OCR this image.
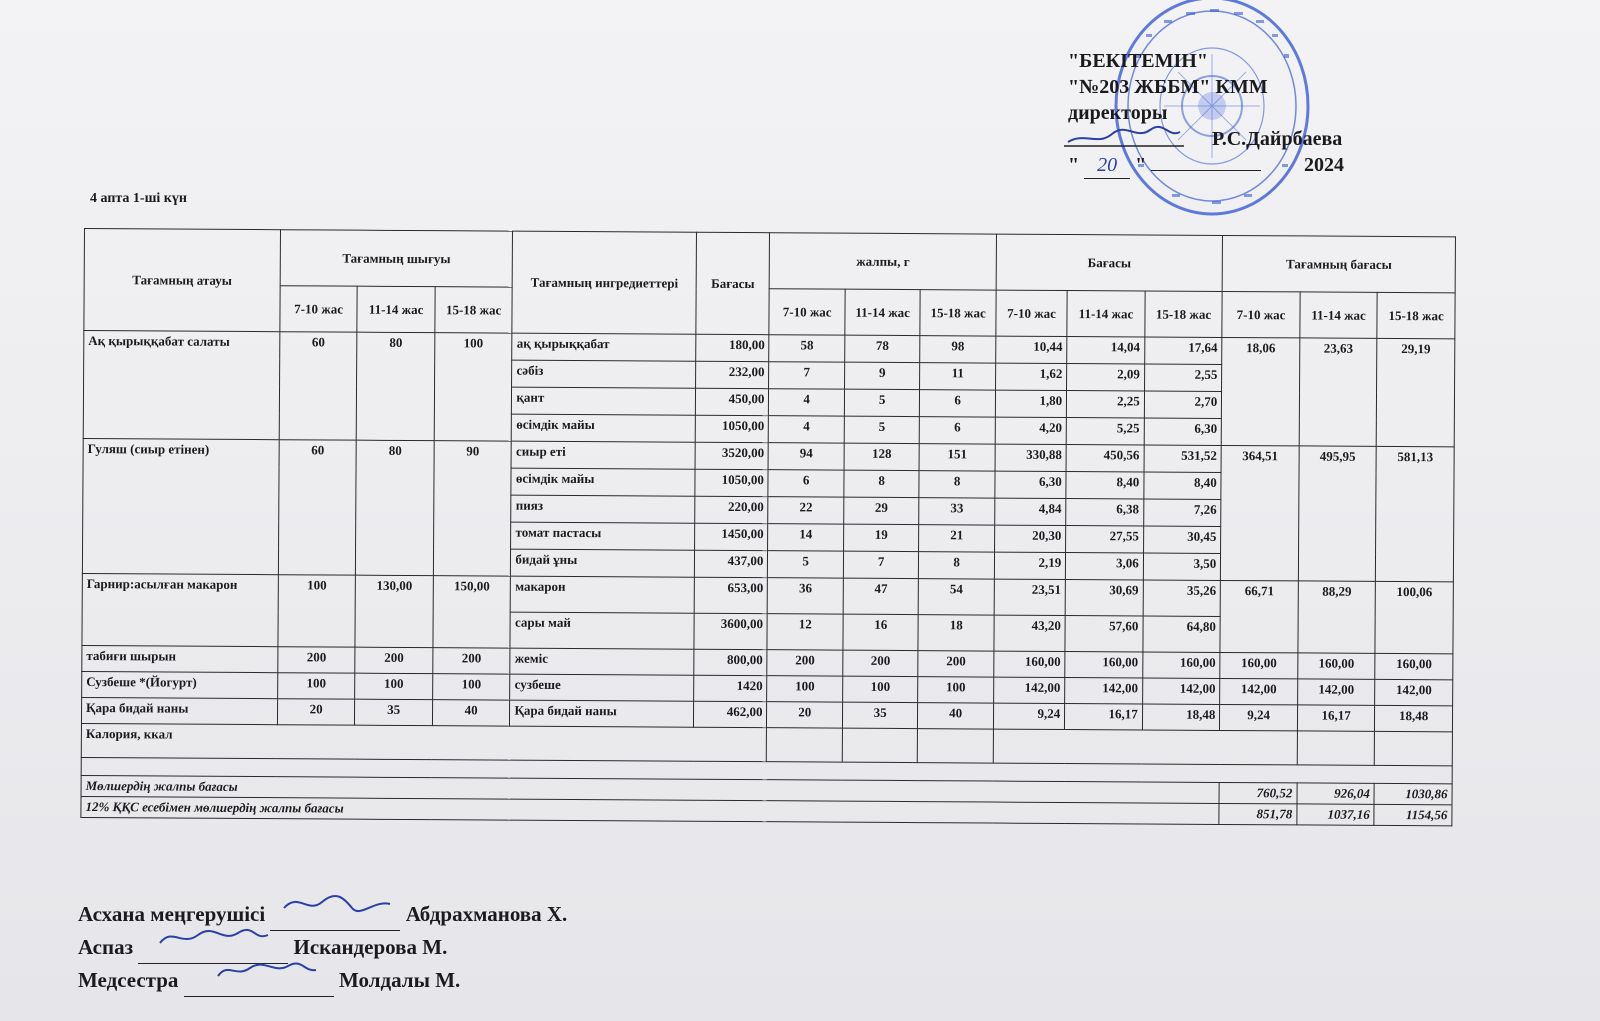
"БЕКІТЕМІН"
"№203 ЖББМ" КММ
директоры
Р.С.Дайрбаева
" 20 "	2024
4 апта 1-ші күн
Тағамның атауы	Тағамның шығуы			Тағамның ингредиеттері	Бағасы	жалпы, г			Бағасы			Тағамның бағасы		
	7-10 жас	11-14 жас	15-18 жас			7-10 жас	11-14 жас	15-18 жас	7-10 жас	11-14 жас	15-18 жас	7-10 жас	11-14 жас	15-18 жас
Ақ қырыққабат салаты	60	80	100	ақ қырыққабат	180,00	58	78	98	10,44	14,04	17,64	18,06	23,63	29,19
				сәбіз	232,00	7	9	11	1,62	2,09	2,55			
				қант	450,00	4	5	6	1,80	2,25	2,70			
				өсімдік майы	1050,00	4	5	6	4,20	5,25	6,30			
Гуляш (сиыр етінен)	60	80	90	сиыр еті	3520,00	94	128	151	330,88	450,56	531,52	364,51	495,95	581,13
				өсімдік майы	1050,00	6	8	8	6,30	8,40	8,40			
				пияз	220,00	22	29	33	4,84	6,38	7,26			
				томат пастасы	1450,00	14	19	21	20,30	27,55	30,45			
				бидай ұны	437,00	5	7	8	2,19	3,06	3,50			
Гарнир:асылған макарон	100	130,00	150,00	макарон	653,00	36	47	54	23,51	30,69	35,26	66,71	88,29	100,06
				сары май	3600,00	12	16	18	43,20	57,60	64,80			
табиғи шырын	200	200	200	жеміс	800,00	200	200	200	160,00	160,00	160,00	160,00	160,00	160,00
Сузбеше *(Йогурт)	100	100	100	сузбеше	1420	100	100	100	142,00	142,00	142,00	142,00	142,00	142,00
Қара бидай наны	20	35	40	Қара бидай наны	462,00	20	35	40	9,24	16,17	18,48	9,24	16,17	18,48
Калория, ккал														

Мөлшердің жалпы бағасы												760,52	926,04	1030,86
12% ҚҚС есебімен мөлшердің жалпы бағасы												851,78	1037,16	1154,56
Асхана меңгерушісі	Абдрахманова Х.
Аспаз	Искандерова М.
Медсестра	Молдалы М.
